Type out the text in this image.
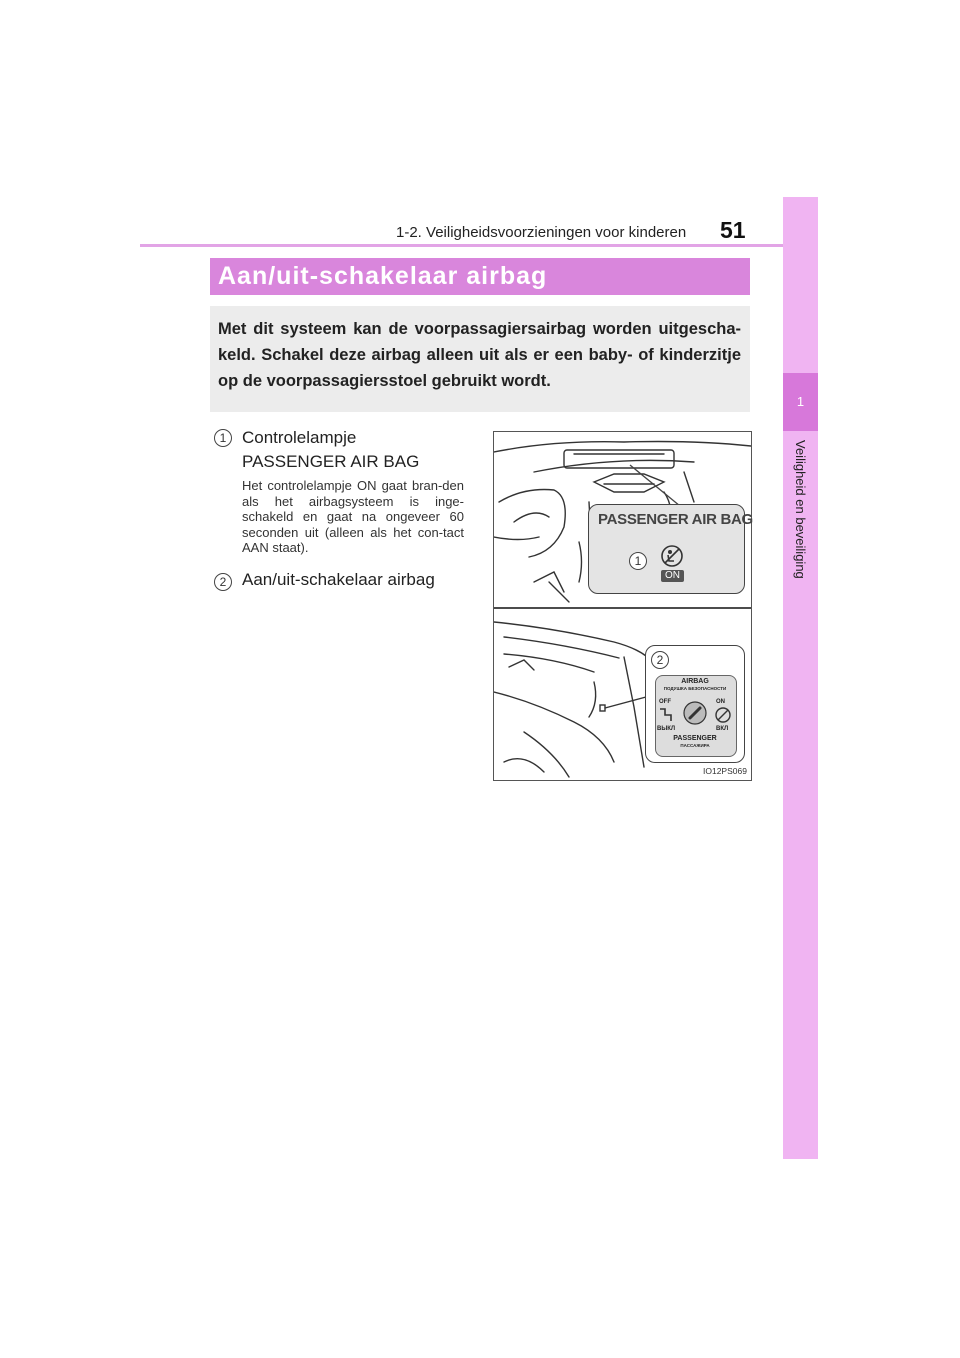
1-2. Veiligheidsvoorzieningen voor kinderen 51
1
Veiligheid en beveiliging
Aan/uit-schakelaar airbag
Met dit systeem kan de voorpassagiersairbag worden uitgescha-keld. Schakel deze airbag alleen uit als er een baby- of kinderzitje op de voorpassagiersstoel gebruikt wordt.
1 Controlelampje PASSENGER AIR BAG
Het controlelampje ON gaat bran-den als het airbagsysteem is inge-schakeld en gaat na ongeveer 60 seconden uit (alleen als het con-tact AAN staat).
2 Aan/uit-schakelaar airbag
PASSENGER AIR BAG
1
ON
2
AIRBAG
ПОДУШКА БЕЗОПАСНОСТИ
OFF	ON
ВЫКЛ	ВКЛ
PASSENGER
ПАССАЖИРА
IO12PS069
